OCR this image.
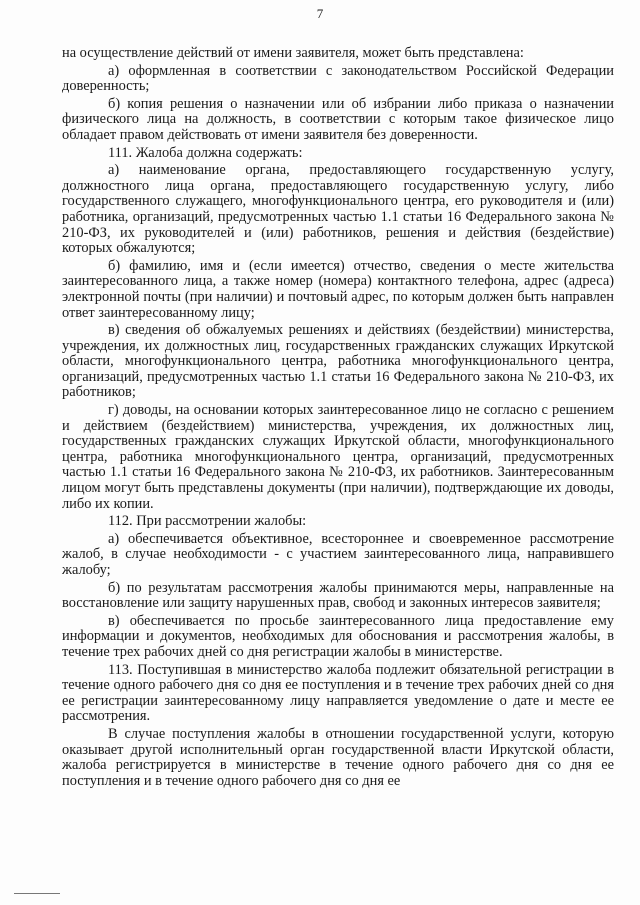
7

на осуществление действий от имени заявителя, может быть представлена:

а) оформленная в соответствии с законодательством Российской Федерации доверенность;

б) копия решения о назначении или об избрании либо приказа о назначении физического лица на должность, в соответствии с которым такое физическое лицо обладает правом действовать от имени заявителя без доверенности.

111. Жалоба должна содержать:

а) наименование органа, предоставляющего государственную услугу, должностного лица органа, предоставляющего государственную услугу, либо государственного служащего, многофункционального центра, его руководителя и (или) работника, организаций, предусмотренных частью 1.1 статьи 16 Федерального закона № 210-ФЗ, их руководителей и (или) работников, решения и действия (бездействие) которых обжалуются;

б) фамилию, имя и (если имеется) отчество, сведения о месте жительства заинтересованного лица, а также номер (номера) контактного телефона, адрес (адреса) электронной почты (при наличии) и почтовый адрес, по которым должен быть направлен ответ заинтересованному лицу;

в) сведения об обжалуемых решениях и действиях (бездействии) министерства, учреждения, их должностных лиц, государственных гражданских служащих Иркутской области, многофункционального центра, работника многофункционального центра, организаций, предусмотренных частью 1.1 статьи 16 Федерального закона № 210-ФЗ, их работников;

г) доводы, на основании которых заинтересованное лицо не согласно с решением и действием (бездействием) министерства, учреждения, их должностных лиц, государственных гражданских служащих Иркутской области, многофункционального центра, работника многофункционального центра, организаций, предусмотренных частью 1.1 статьи 16 Федерального закона № 210-ФЗ, их работников. Заинтересованным лицом могут быть представлены документы (при наличии), подтверждающие их доводы, либо их копии.

112. При рассмотрении жалобы:

а) обеспечивается объективное, всестороннее и своевременное рассмотрение жалоб, в случае необходимости - с участием заинтересованного лица, направившего жалобу;

б) по результатам рассмотрения жалобы принимаются меры, направленные на восстановление или защиту нарушенных прав, свобод и законных интересов заявителя;

в) обеспечивается по просьбе заинтересованного лица предоставление ему информации и документов, необходимых для обоснования и рассмотрения жалобы, в течение трех рабочих дней со дня регистрации жалобы в министерстве.

113. Поступившая в министерство жалоба подлежит обязательной регистрации в течение одного рабочего дня со дня ее поступления и в течение трех рабочих дней со дня ее регистрации заинтересованному лицу направляется уведомление о дате и месте ее рассмотрения.

В случае поступления жалобы в отношении государственной услуги, которую оказывает другой исполнительный орган государственной власти Иркутской области, жалоба регистрируется в министерстве в течение одного рабочего дня со дня ее поступления и в течение одного рабочего дня со дня ее
